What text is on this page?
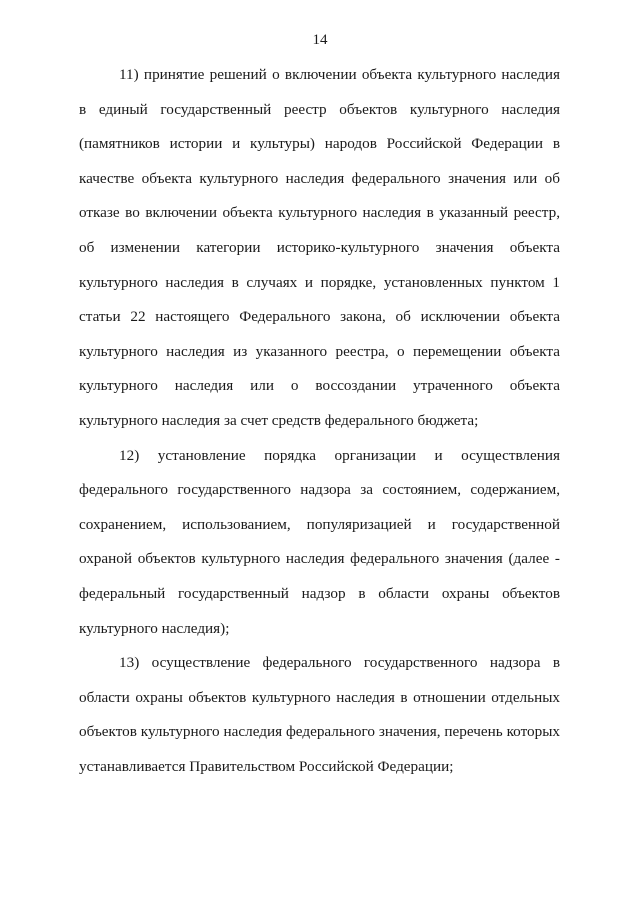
14

11) принятие решений о включении объекта культурного наследия в единый государственный реестр объектов культурного наследия (памятников истории и культуры) народов Российской Федерации в качестве объекта культурного наследия федерального значения или об отказе во включении объекта культурного наследия в указанный реестр, об изменении категории историко-культурного значения объекта культурного наследия в случаях и порядке, установленных пунктом 1 статьи 22 настоящего Федерального закона, об исключении объекта культурного наследия из указанного реестра, о перемещении объекта культурного наследия или о воссоздании утраченного объекта культурного наследия за счет средств федерального бюджета;

12) установление порядка организации и осуществления федерального государственного надзора за состоянием, содержанием, сохранением, использованием, популяризацией и государственной охраной объектов культурного наследия федерального значения (далее - федеральный государственный надзор в области охраны объектов культурного наследия);

13) осуществление федерального государственного надзора в области охраны объектов культурного наследия в отношении отдельных объектов культурного наследия федерального значения, перечень которых устанавливается Правительством Российской Федерации;
